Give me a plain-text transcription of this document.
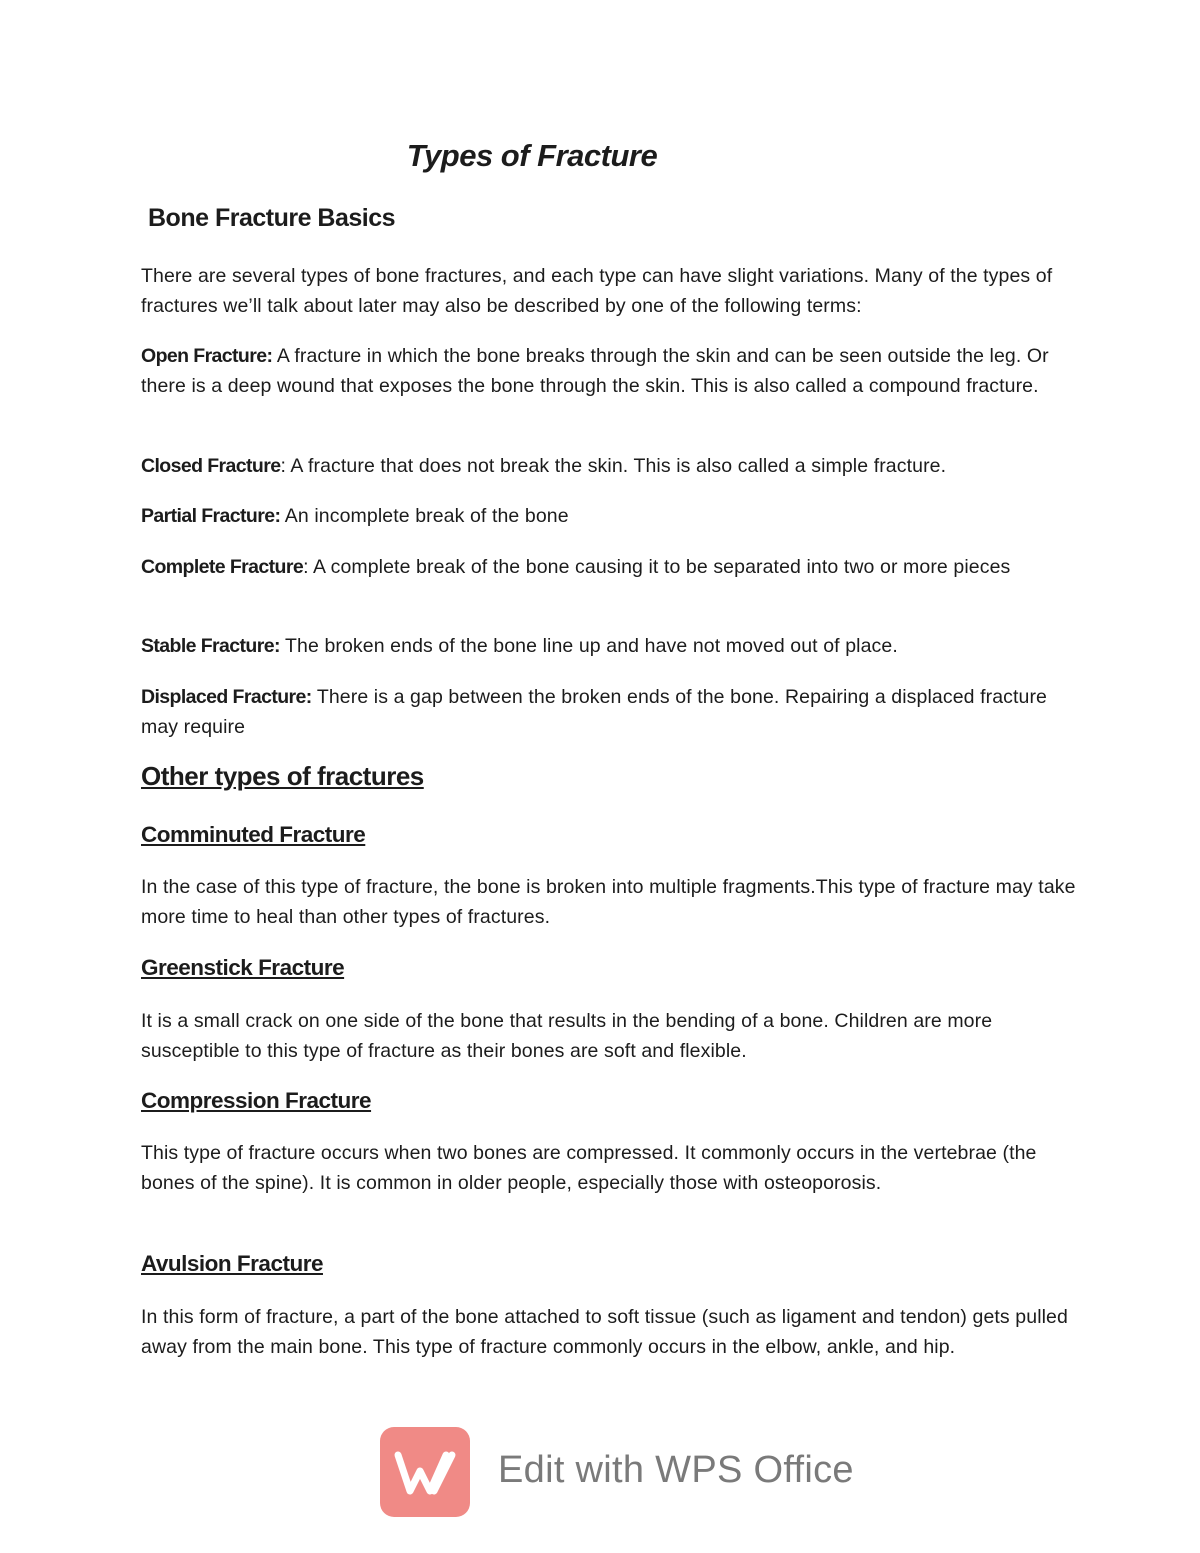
Types of Fracture
Bone Fracture Basics

There are several types of bone fractures, and each type can have slight variations. Many of the types of fractures we’ll talk about later may also be described by one of the following terms:

Open Fracture: A fracture in which the bone breaks through the skin and can be seen outside the leg. Or there is a deep wound that exposes the bone through the skin. This is also called a compound fracture.

Closed Fracture: A fracture that does not break the skin. This is also called a simple fracture.

Partial Fracture: An incomplete break of the bone

Complete Fracture: A complete break of the bone causing it to be separated into two or more pieces

Stable Fracture: The broken ends of the bone line up and have not moved out of place.

Displaced Fracture: There is a gap between the broken ends of the bone. Repairing a displaced fracture may require

Other types of fractures
Comminuted Fracture

In the case of this type of fracture, the bone is broken into multiple fragments.This type of fracture may take more time to heal than other types of fractures.

Greenstick Fracture

It is a small crack on one side of the bone that results in the bending of a bone. Children are more susceptible to this type of fracture as their bones are soft and flexible.

Compression Fracture

This type of fracture occurs when two bones are compressed. It commonly occurs in the vertebrae (the bones of the spine). It is common in older people, especially those with osteoporosis.

Avulsion Fracture

In this form of fracture, a part of the bone attached to soft tissue (such as ligament and tendon) gets pulled away from the main bone. This type of fracture commonly occurs in the elbow, ankle, and hip.

Edit with WPS Office
